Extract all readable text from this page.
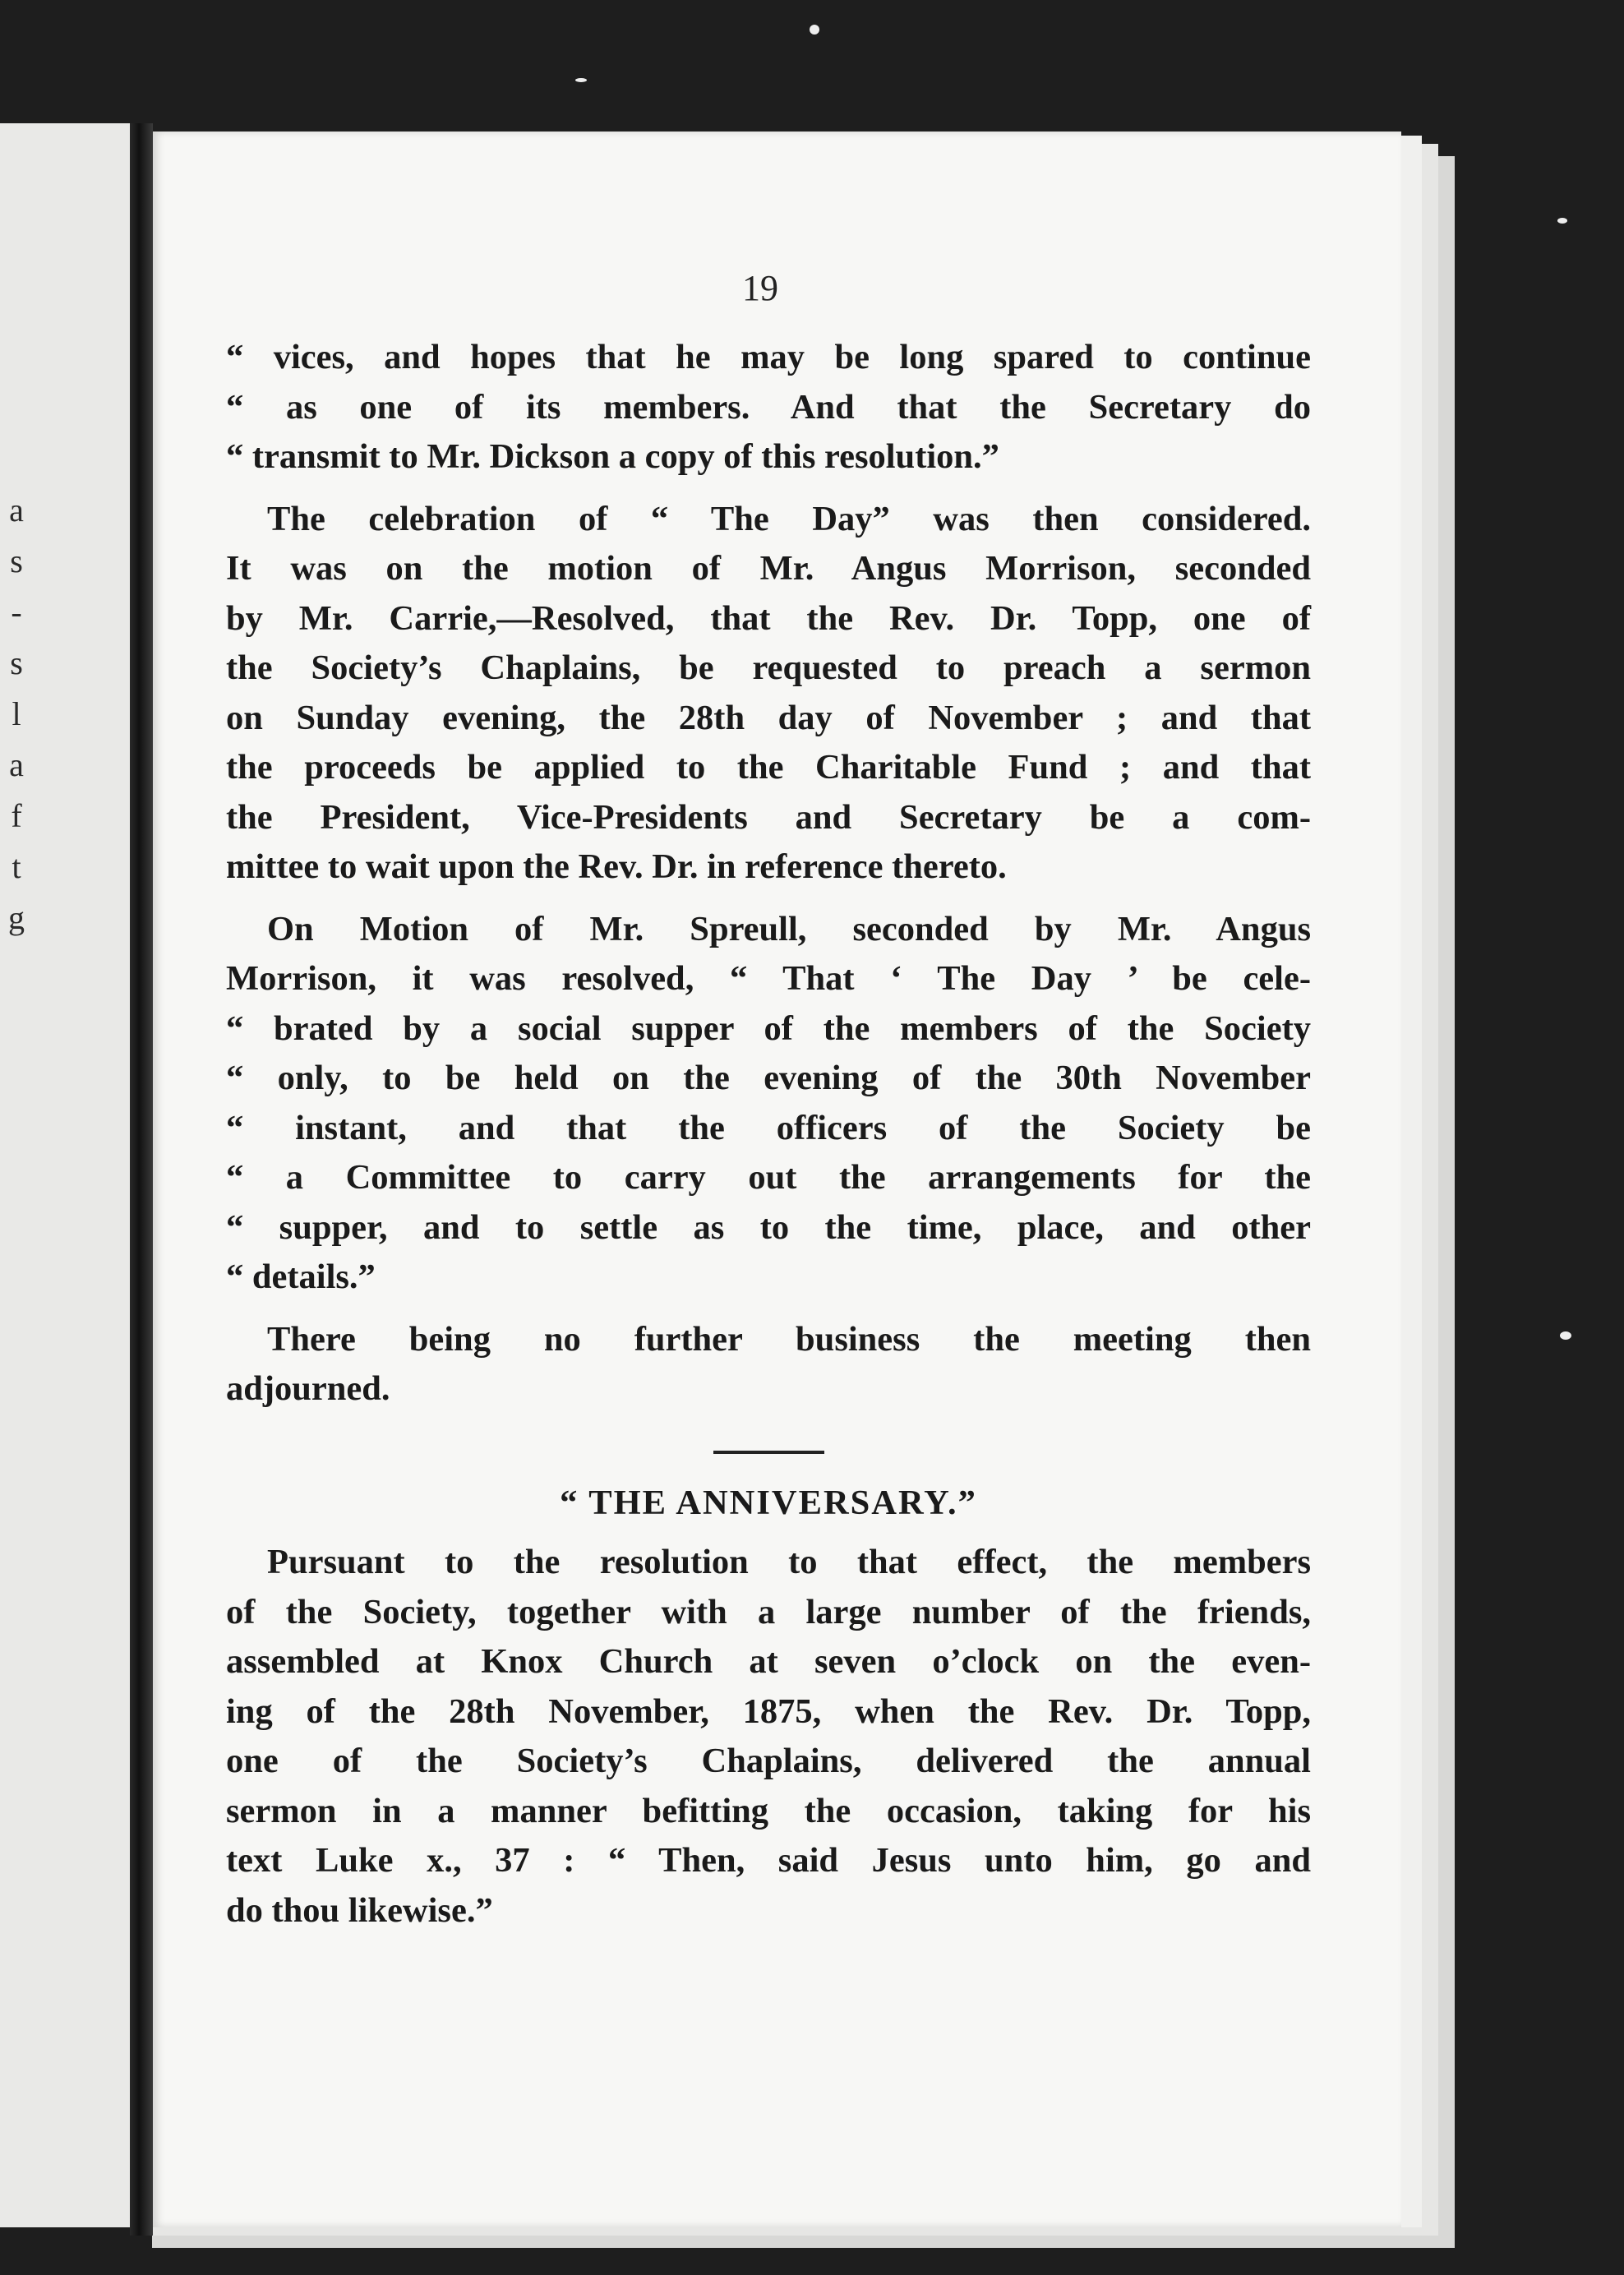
a
s
-
s
l
a
f
t
g
19
“ vices, and hopes that he may be long spared to continue
“ as one of its members. And that the Secretary do
“ transmit to Mr. Dickson a copy of this resolution.”
The celebration of “ The Day” was then considered.
It was on the motion of Mr. Angus Morrison, seconded
by Mr. Carrie,—Resolved, that the Rev. Dr. Topp, one of
the Society’s Chaplains, be requested to preach a sermon
on Sunday evening, the 28th day of November ; and that
the proceeds be applied to the Charitable Fund ; and that
the President, Vice-Presidents and Secretary be a com-
mittee to wait upon the Rev. Dr. in reference thereto.
On Motion of Mr. Spreull, seconded by Mr. Angus
Morrison, it was resolved, “ That ‘ The Day ’ be cele-
“ brated by a social supper of the members of the Society
“ only, to be held on the evening of the 30th November
“ instant, and that the officers of the Society be
“ a Committee to carry out the arrangements for the
“ supper, and to settle as to the time, place, and other
“ details.”
There being no further business the meeting then
adjourned.
“ THE ANNIVERSARY.”
Pursuant to the resolution to that effect, the members
of the Society, together with a large number of the friends,
assembled at Knox Church at seven o’clock on the even-
ing of the 28th November, 1875, when the Rev. Dr. Topp,
one of the Society’s Chaplains, delivered the annual
sermon in a manner befitting the occasion, taking for his
text Luke x., 37 : “ Then, said Jesus unto him, go and
do thou likewise.”
